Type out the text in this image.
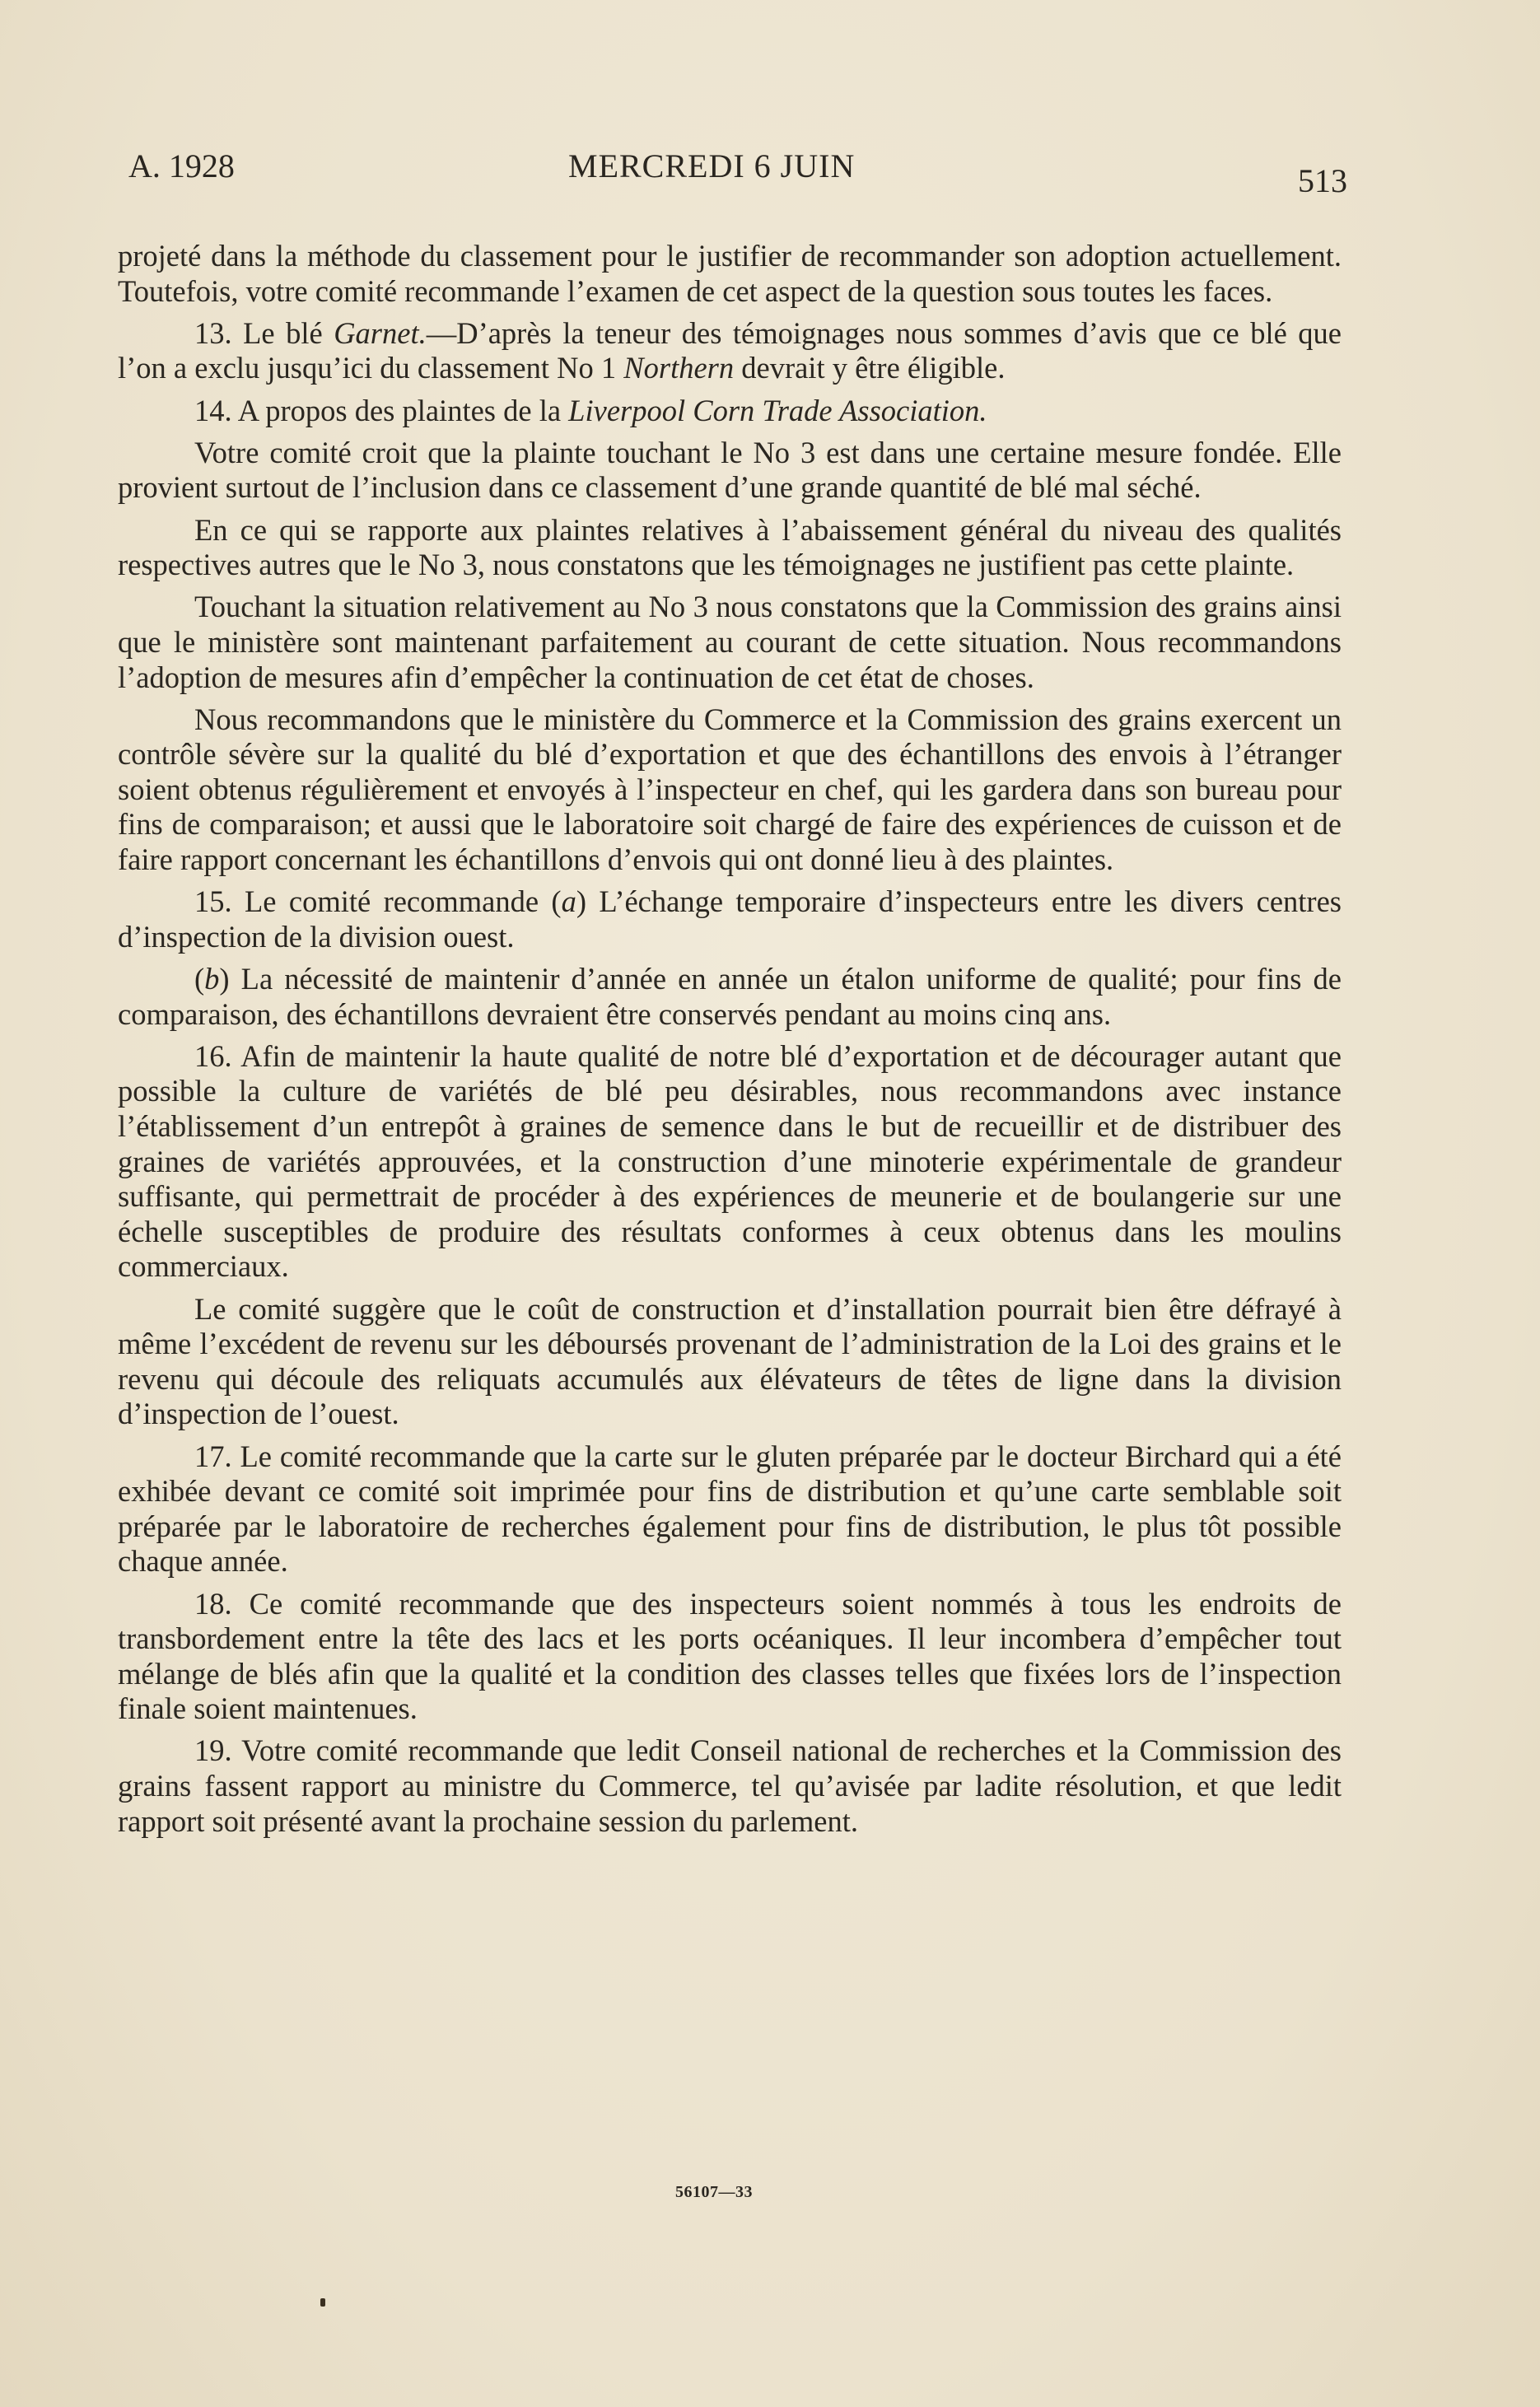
A. 1928	MERCREDI 6 JUIN	513

projeté dans la méthode du classement pour le justifier de recommander son adoption actuellement. Toutefois, votre comité recommande l’examen de cet aspect de la question sous toutes les faces.

13. Le blé Garnet.—D’après la teneur des témoignages nous sommes d’avis que ce blé que l’on a exclu jusqu’ici du classement No 1 Northern devrait y être éligible.

14. A propos des plaintes de la Liverpool Corn Trade Association.

Votre comité croit que la plainte touchant le No 3 est dans une certaine mesure fondée. Elle provient surtout de l’inclusion dans ce classement d’une grande quantité de blé mal séché.

En ce qui se rapporte aux plaintes relatives à l’abaissement général du niveau des qualités respectives autres que le No 3, nous constatons que les témoignages ne justifient pas cette plainte.

Touchant la situation relativement au No 3 nous constatons que la Commission des grains ainsi que le ministère sont maintenant parfaitement au courant de cette situation. Nous recommandons l’adoption de mesures afin d’empêcher la continuation de cet état de choses.

Nous recommandons que le ministère du Commerce et la Commission des grains exercent un contrôle sévère sur la qualité du blé d’exportation et que des échantillons des envois à l’étranger soient obtenus régulièrement et envoyés à l’inspecteur en chef, qui les gardera dans son bureau pour fins de comparaison; et aussi que le laboratoire soit chargé de faire des expériences de cuisson et de faire rapport concernant les échantillons d’envois qui ont donné lieu à des plaintes.

15. Le comité recommande (a) L’échange temporaire d’inspecteurs entre les divers centres d’inspection de la division ouest.

(b) La nécessité de maintenir d’année en année un étalon uniforme de qualité; pour fins de comparaison, des échantillons devraient être conservés pendant au moins cinq ans.

16. Afin de maintenir la haute qualité de notre blé d’exportation et de décourager autant que possible la culture de variétés de blé peu désirables, nous recommandons avec instance l’établissement d’un entrepôt à graines de semence dans le but de recueillir et de distribuer des graines de variétés approuvées, et la construction d’une minoterie expérimentale de grandeur suffisante, qui permettrait de procéder à des expériences de meunerie et de boulangerie sur une échelle susceptibles de produire des résultats conformes à ceux obtenus dans les moulins commerciaux.

Le comité suggère que le coût de construction et d’installation pourrait bien être défrayé à même l’excédent de revenu sur les déboursés provenant de l’administration de la Loi des grains et le revenu qui découle des reliquats accumulés aux élévateurs de têtes de ligne dans la division d’inspection de l’ouest.

17. Le comité recommande que la carte sur le gluten préparée par le docteur Birchard qui a été exhibée devant ce comité soit imprimée pour fins de distribution et qu’une carte semblable soit préparée par le laboratoire de recherches également pour fins de distribution, le plus tôt possible chaque année.

18. Ce comité recommande que des inspecteurs soient nommés à tous les endroits de transbordement entre la tête des lacs et les ports océaniques. Il leur incombera d’empêcher tout mélange de blés afin que la qualité et la condition des classes telles que fixées lors de l’inspection finale soient maintenues.

19. Votre comité recommande que ledit Conseil national de recherches et la Commission des grains fassent rapport au ministre du Commerce, tel qu’avisée par ladite résolution, et que ledit rapport soit présenté avant la prochaine session du parlement.

56107—33
